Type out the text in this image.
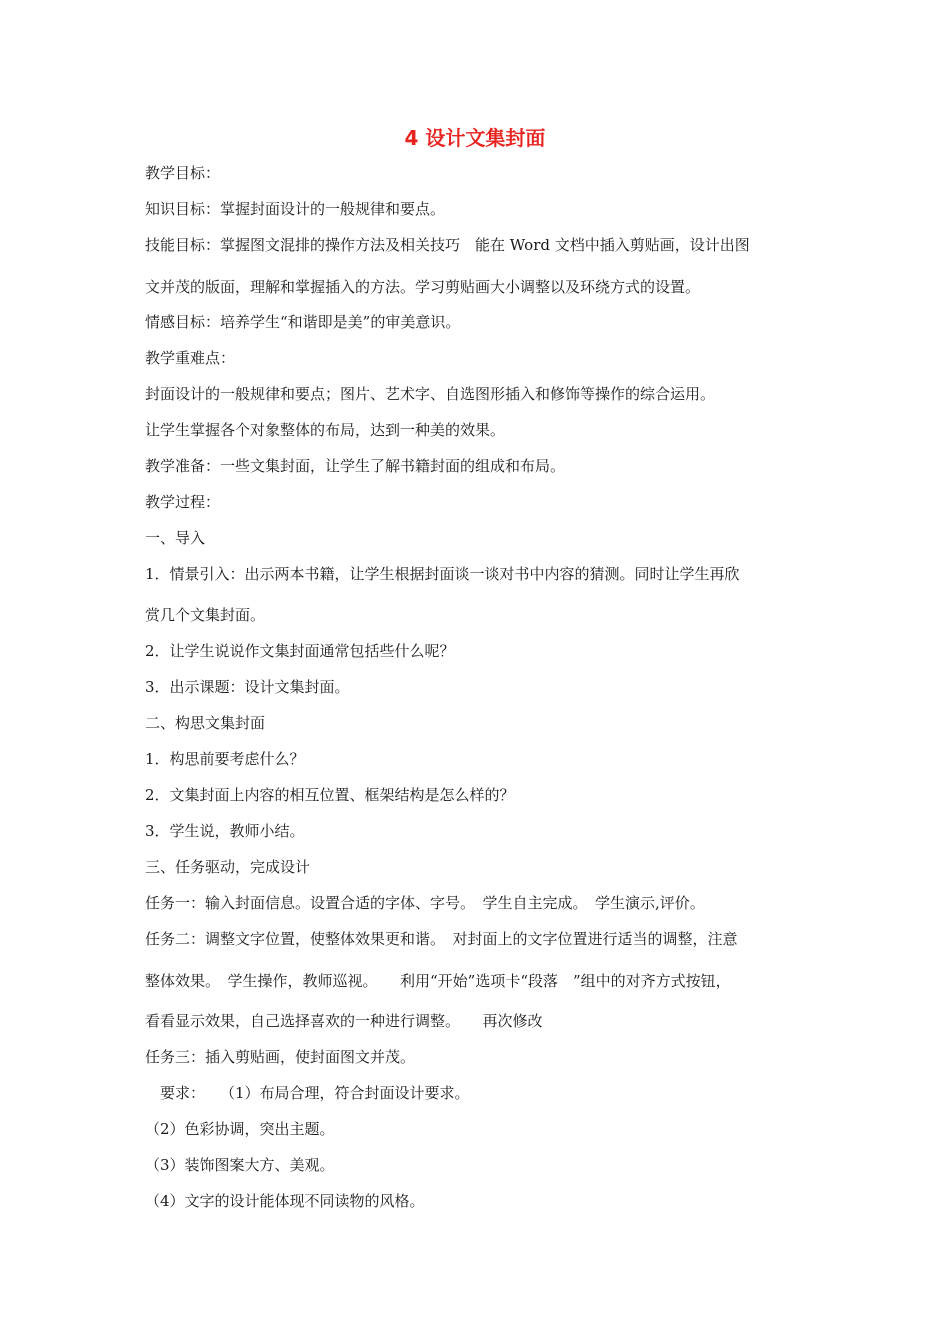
4 设计文集封面
教学目标：
知识目标：掌握封面设计的一般规律和要点。
技能目标：掌握图文混排的操作方法及相关技巧　能在 Word 文档中插入剪贴画，设计出图
文并茂的版面，理解和掌握插入的方法。学习剪贴画大小调整以及环绕方式的设置。
情感目标：培养学生“和谐即是美”的审美意识。
教学重难点：
封面设计的一般规律和要点；图片、艺术字、自选图形插入和修饰等操作的综合运用。
让学生掌握各个对象整体的布局，达到一种美的效果。
教学准备：一些文集封面，让学生了解书籍封面的组成和布局。
教学过程：
一、导入
1．情景引入：出示两本书籍，让学生根据封面谈一谈对书中内容的猜测。同时让学生再欣
赏几个文集封面。
2．让学生说说作文集封面通常包括些什么呢？
3．出示课题：设计文集封面。
二、构思文集封面
1．构思前要考虑什么？
2．文集封面上内容的相互位置、框架结构是怎么样的？
3．学生说，教师小结。
三、任务驱动，完成设计
任务一：输入封面信息。设置合适的字体、字号。　学生自主完成。　学生演示,评价。
任务二：调整文字位置，使整体效果更和谐。　对封面上的文字位置进行适当的调整，注意
整体效果。　学生操作，教师巡视。　　利用“开始”选项卡“段落　”组中的对齐方式按钮，
看看显示效果，自己选择喜欢的一种进行调整。　　再次修改
任务三：插入剪贴画，使封面图文并茂。
　要求：　　（1）布局合理，符合封面设计要求。
（2）色彩协调，突出主题。
（3）装饰图案大方、美观。
（4）文字的设计能体现不同读物的风格。
